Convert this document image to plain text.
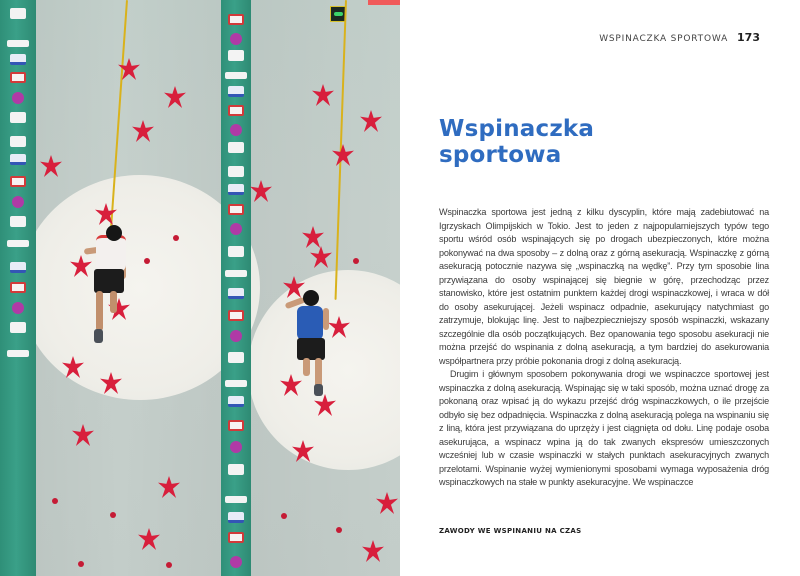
WSPINACZKA SPORTOWA 173
Wspinaczka sportowa

Wspinaczka sportowa jest jedną z kilku dyscyplin, które mają zadebiutować na Igrzyskach Olimpijskich w Tokio. Jest to jeden z najpopularniejszych typów tego sportu wśród osób wspinających się po drogach ubezpieczonych, które można pokonywać na dwa sposoby – z dolną oraz z górną asekuracją. Wspinaczkę z górną asekuracją potocznie nazywa się „wspinaczką na wędkę”. Przy tym sposobie lina przywiązana do osoby wspinającej się biegnie w górę, przechodząc przez stanowisko, które jest ostatnim punktem każdej drogi wspinaczkowej, i wraca w dół do osoby asekurującej. Jeżeli wspinacz odpadnie, asekurujący natychmiast go zatrzymuje, blokując linę. Jest to najbezpieczniejszy sposób wspinaczki, wskazany szczególnie dla osób początkujących. Bez opanowania tego sposobu asekuracji nie można przejść do wspinania z dolną asekuracją, a tym bardziej do asekurowania współpartnera przy próbie pokonania drogi z dolną asekuracją.

Drugim i głównym sposobem pokonywania drogi we wspinaczce sportowej jest wspinaczka z dolną asekuracją. Wspinając się w taki sposób, można uznać drogę za pokonaną oraz wpisać ją do wykazu przejść dróg wspinaczkowych, o ile przejście odbyło się bez odpadnięcia. Wspinaczka z dolną asekuracją polega na wspinaniu się z liną, która jest przywiązana do uprzęży i jest ciągnięta od dołu. Linę podaje osoba asekurująca, a wspinacz wpina ją do tak zwanych ekspresów umieszczonych wcześniej lub w czasie wspinaczki w stałych punktach asekuracyjnych zwanych przelotami. Wspinanie wyżej wymienionymi sposobami wymaga wyposażenia dróg wspinaczkowych na stałe w punkty asekuracyjne. We wspinaczce

ZAWODY WE WSPINANIU NA CZAS
